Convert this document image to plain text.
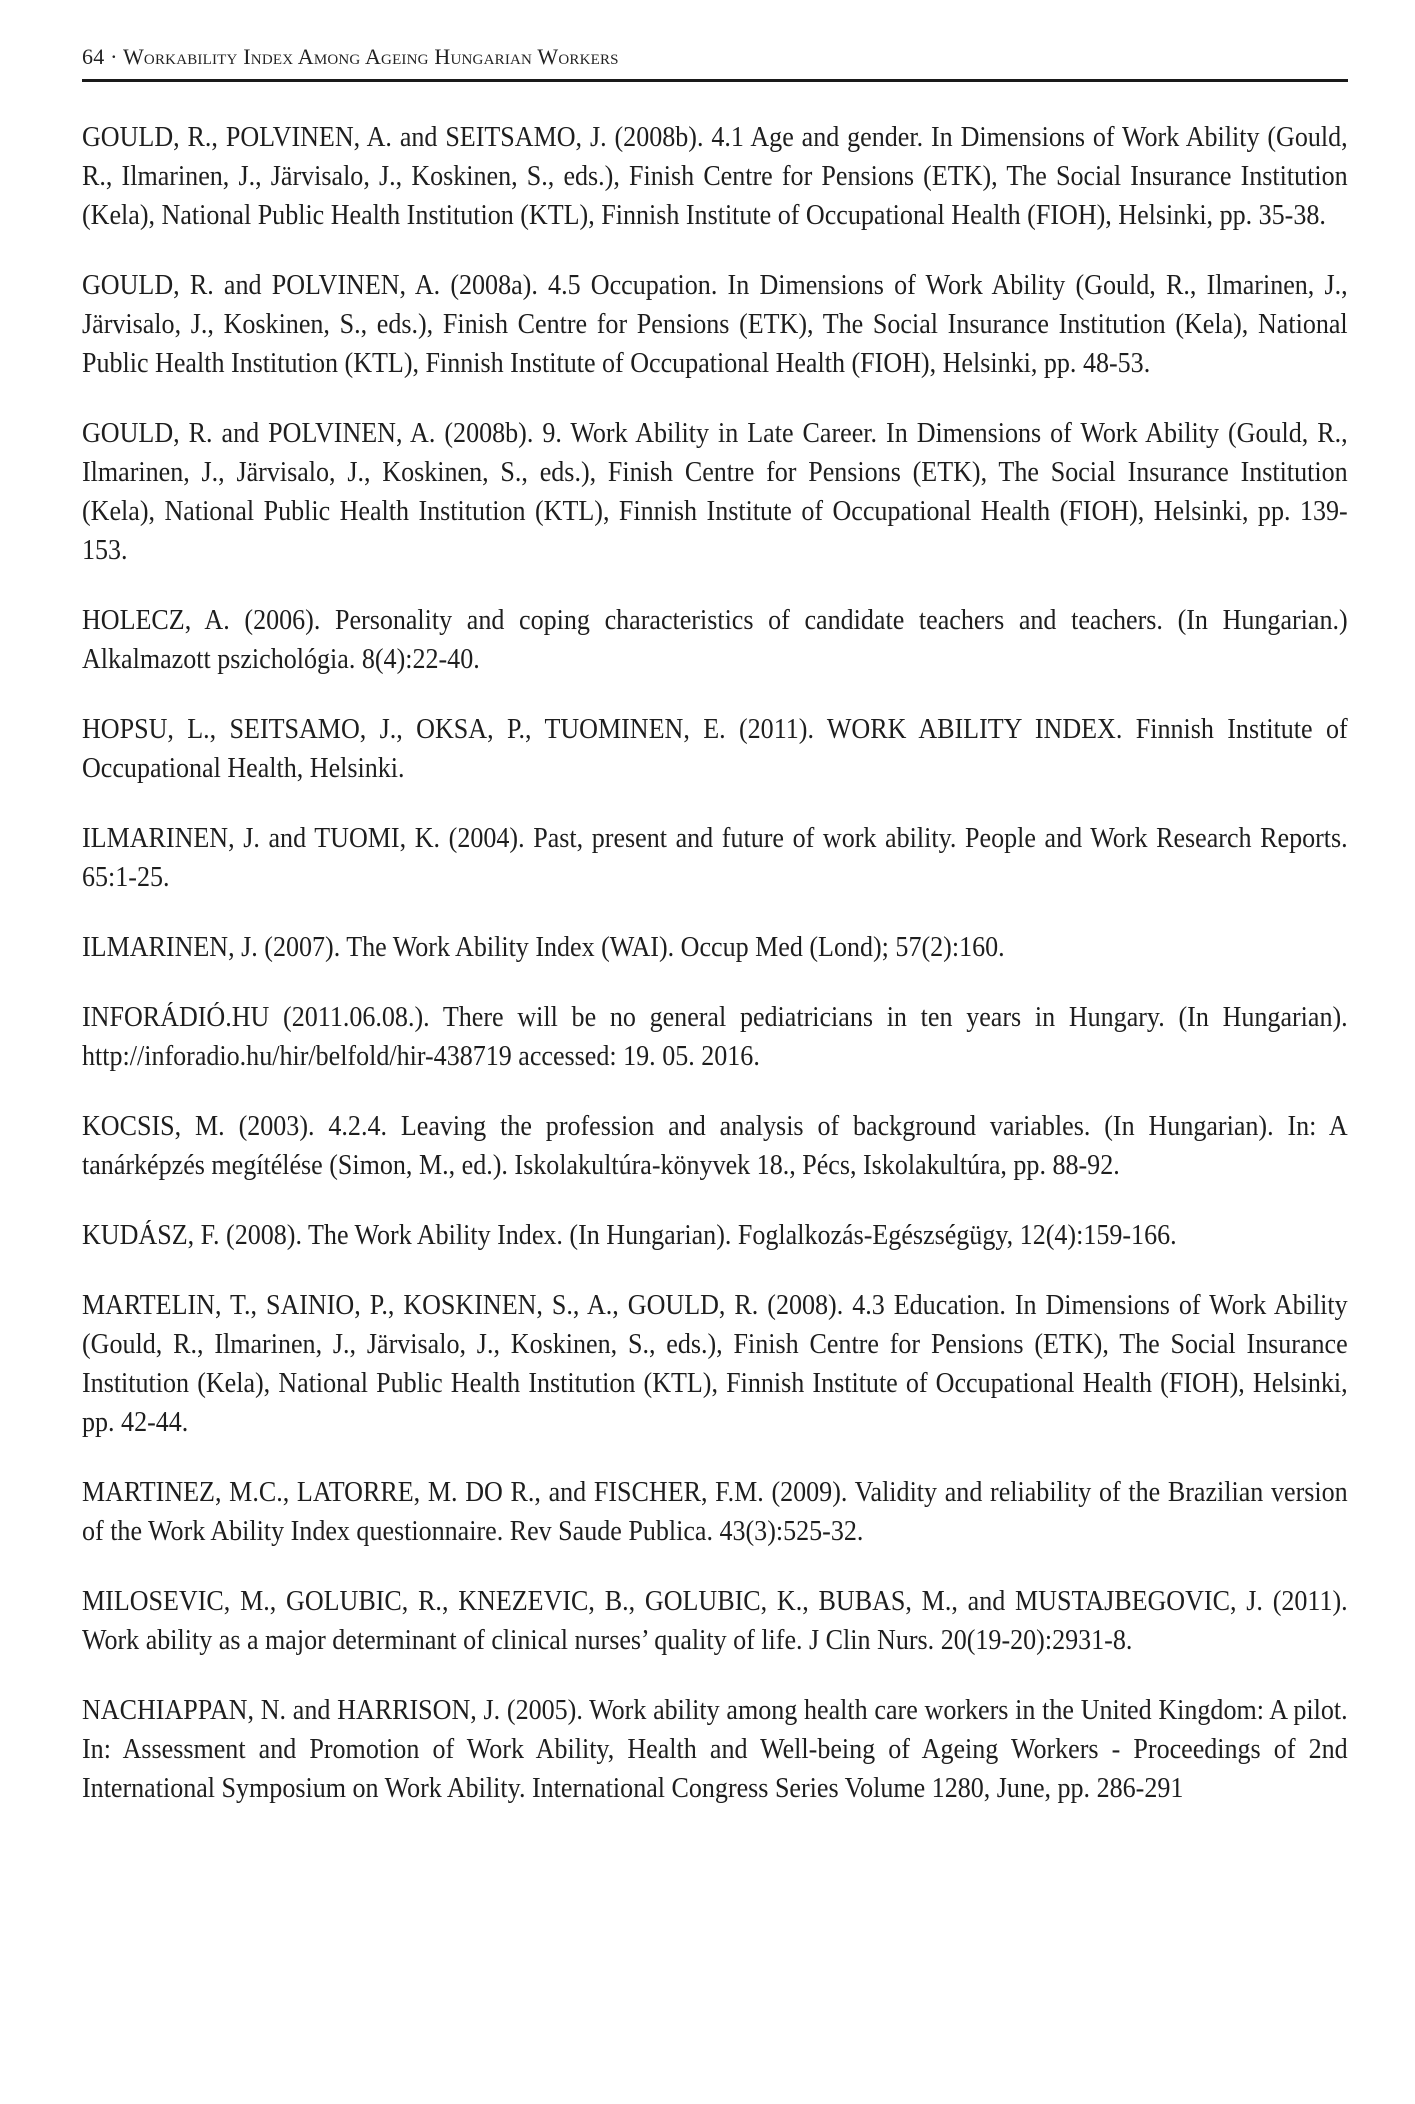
64 · Workability Index Among Ageing Hungarian Workers

GOULD, R., POLVINEN, A. and SEITSAMO, J. (2008b). 4.1 Age and gender. In Dimensions of Work Ability (Gould, R., Ilmarinen, J., Järvisalo, J., Koskinen, S., eds.), Finish Centre for Pensions (ETK), The Social Insurance Institution (Kela), National Public Health Institution (KTL), Finnish Institute of Occupational Health (FIOH), Helsinki, pp. 35-38.

GOULD, R. and POLVINEN, A. (2008a). 4.5 Occupation. In Dimensions of Work Ability (Gould, R., Ilmarinen, J., Järvisalo, J., Koskinen, S., eds.), Finish Centre for Pensions (ETK), The Social Insurance Institution (Kela), National Public Health Institution (KTL), Finnish Institute of Occupational Health (FIOH), Helsinki, pp. 48-53.

GOULD, R. and POLVINEN, A. (2008b). 9. Work Ability in Late Career. In Dimensions of Work Ability (Gould, R., Ilmarinen, J., Järvisalo, J., Koskinen, S., eds.), Finish Centre for Pensions (ETK), The Social Insurance Institution (Kela), National Public Health Institution (KTL), Finnish Institute of Occupational Health (FIOH), Helsinki, pp. 139-153.

HOLECZ, A. (2006). Personality and coping characteristics of candidate teachers and teachers. (In Hungarian.) Alkalmazott pszichológia. 8(4):22-40.

HOPSU, L., SEITSAMO, J., OKSA, P., TUOMINEN, E. (2011). WORK ABILITY INDEX. Finnish Institute of Occupational Health, Helsinki.

ILMARINEN, J. and TUOMI, K. (2004). Past, present and future of work ability. People and Work Research Reports. 65:1-25.

ILMARINEN, J. (2007). The Work Ability Index (WAI). Occup Med (Lond); 57(2):160.

INFORÁDIÓ.HU (2011.06.08.). There will be no general pediatricians in ten years in Hungary. (In Hungarian). http://inforadio.hu/hir/belfold/hir-438719 accessed: 19. 05. 2016.

KOCSIS, M. (2003). 4.2.4. Leaving the profession and analysis of background variables. (In Hungarian). In: A tanárképzés megítélése (Simon, M., ed.). Iskolakultúra-könyvek 18., Pécs, Iskolakultúra, pp. 88-92.

KUDÁSZ, F. (2008). The Work Ability Index. (In Hungarian). Foglalkozás-Egészségügy, 12(4):159-166.

MARTELIN, T., SAINIO, P., KOSKINEN, S., A., GOULD, R. (2008). 4.3 Education. In Dimensions of Work Ability (Gould, R., Ilmarinen, J., Järvisalo, J., Koskinen, S., eds.), Finish Centre for Pensions (ETK), The Social Insurance Institution (Kela), National Public Health Institution (KTL), Finnish Institute of Occupational Health (FIOH), Helsinki, pp. 42-44.

MARTINEZ, M.C., LATORRE, M. DO R., and FISCHER, F.M. (2009). Validity and reliability of the Brazilian version of the Work Ability Index questionnaire. Rev Saude Publica. 43(3):525-32.

MILOSEVIC, M., GOLUBIC, R., KNEZEVIC, B., GOLUBIC, K., BUBAS, M., and MUSTAJBEGOVIC, J. (2011). Work ability as a major determinant of clinical nurses’ quality of life. J Clin Nurs. 20(19-20):2931-8.

NACHIAPPAN, N. and HARRISON, J. (2005). Work ability among health care workers in the United Kingdom: A pilot. In: Assessment and Promotion of Work Ability, Health and Well-being of Ageing Workers - Proceedings of 2nd International Symposium on Work Ability. International Congress Series Volume 1280, June, pp. 286-291
